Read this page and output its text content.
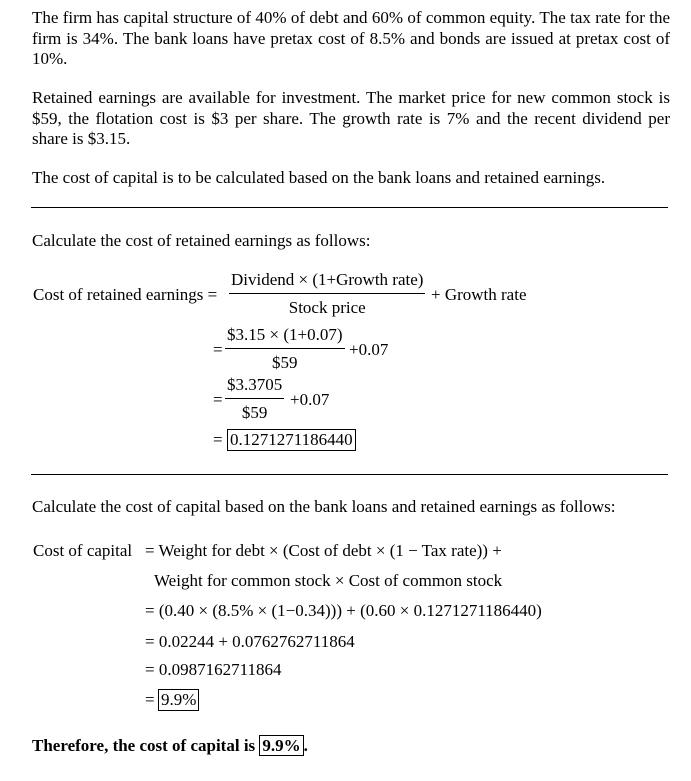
The firm has capital structure of 40% of debt and 60% of common equity. The tax rate for the firm is 34%. The bank loans have pretax cost of 8.5% and bonds are issued at pretax cost of 10%.

Retained earnings are available for investment. The market price for new common stock is $59, the flotation cost is $3 per share. The growth rate is 7% and the recent dividend per share is $3.15.

The cost of capital is to be calculated based on the bank loans and retained earnings.

Calculate the cost of retained earnings as follows:
Cost of retained earnings =
Dividend × (1+Growth rate)
Stock price
+ Growth rate
=
$3.15 × (1+0.07)
$59
+0.07
=
$3.3705
$59
+0.07
= 0.1271271186440
Calculate the cost of capital based on the bank loans and retained earnings as follows:
Cost of capital = Weight for debt × (Cost of debt × (1 − Tax rate)) +
Weight for common stock × Cost of common stock
= (0.40 × (8.5% × (1−0.34))) + (0.60 × 0.1271271186440)
= 0.02244 + 0.0762762711864
= 0.0987162711864
= 9.9%
Therefore, the cost of capital is 9.9% .
